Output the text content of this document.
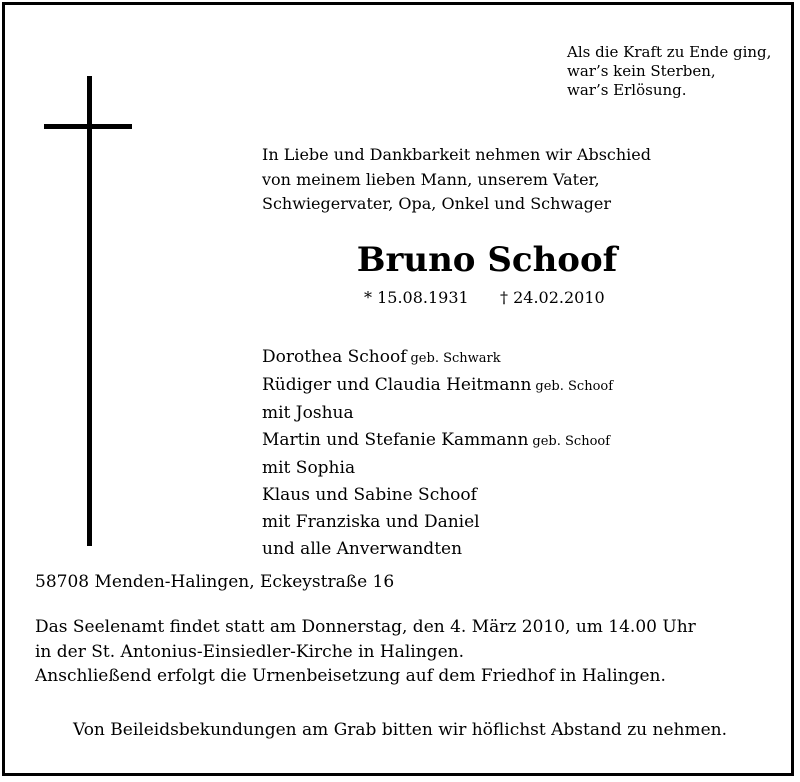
Als die Kraft zu Ende ging,
war’s kein Sterben,
war’s Erlösung.
In Liebe und Dankbarkeit nehmen wir Abschied
von meinem lieben Mann, unserem Vater,
Schwiegervater, Opa, Onkel und Schwager
Bruno Schoof
* 15.08.1931 † 24.02.2010
Dorothea Schoof geb. Schwark
Rüdiger und Claudia Heitmann geb. Schoof
mit Joshua
Martin und Stefanie Kammann geb. Schoof
mit Sophia
Klaus und Sabine Schoof
mit Franziska und Daniel
und alle Anverwandten
58708 Menden-Halingen, Eckeystraße 16
Das Seelenamt findet statt am Donnerstag, den 4. März 2010, um 14.00 Uhr
in der St. Antonius-Einsiedler-Kirche in Halingen.
Anschließend erfolgt die Urnenbeisetzung auf dem Friedhof in Halingen.
Von Beileidsbekundungen am Grab bitten wir höflichst Abstand zu nehmen.
